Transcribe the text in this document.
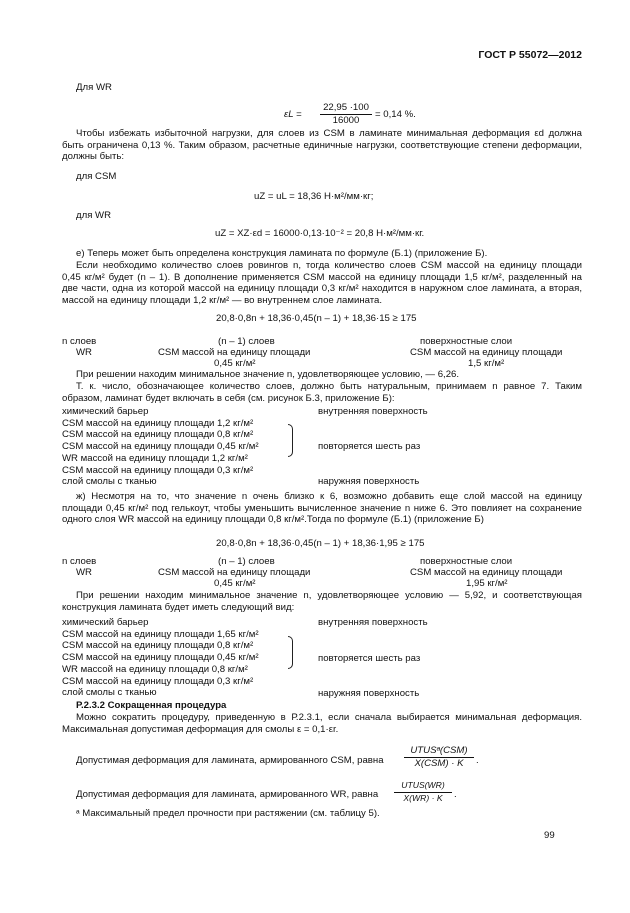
ГОСТ Р 55072—2012
Для WR
$\varepsilon L = \frac{22,95 \cdot 100}{16000} = 0,14$ %.
Чтобы избежать избыточной нагрузки, для слоев из CSM в ламинате минимальная деформация εd должна
быть ограничена 0,13 %. Таким образом, расчетные единичные нагрузки, соответствующие степени деформации,
должны быть:
для CSM
uZ = uL = 18,36 Н·м²/мм·кг;
для WR
uZ = XZ·εd = 16000·0,13·10⁻² = 20,8 Н·м²/мм·кг.
е) Теперь может быть определена конструкция ламината по формуле (Б.1) (приложение Б).
Если необходимо количество слоев ровингов n, тогда количество слоев CSM массой на единицу площади
0,45 кг/м² будет (n – 1). В дополнение применяется CSM массой на единицу площади 1,5 кг/м², разделенный на
две части, одна из которой массой на единицу площади 0,3 кг/м² находится в наружном слое ламината, а вторая,
массой на единицу площади 1,2 кг/м² — во внутреннем слое ламината.
20,8·0,8n + 18,36·0,45(n – 1) + 18,36·15 ≥ 175
n слоев
WR
(n – 1) слоев
CSM массой на единицу площади
0,45 кг/м²
поверхностные слои
CSM массой на единицу площади
1,5 кг/м²
При решении находим минимальное значение n, удовлетворяющее условию, — 6,26.
Т. к. число, обозначающее количество слоев, должно быть натуральным, принимаем n равное 7. Таким
образом, ламинат будет включать в себя (см. рисунок Б.3, приложение Б):
химический барьер
CSM массой на единицу площади 1,2 кг/м²
CSM массой на единицу площади 0,8 кг/м²
CSM массой на единицу площади 0,45 кг/м²
WR массой на единицу площади 1,2 кг/м²
CSM массой на единицу площади 0,3 кг/м²
слой смолы с тканью
внутренняя поверхность
повторяется шесть раз
наружняя поверхность
ж) Несмотря на то, что значение n очень близко к 6, возможно добавить еще слой массой на единицу
площади 0,45 кг/м² под гелькоут, чтобы уменьшить вычисленное значение n ниже 6. Это повлияет на сохранение
одного слоя WR массой на единицу площади 0,8 кг/м².Тогда по формуле (Б.1) (приложение Б)
20,8·0,8n + 18,36·0,45(n – 1) + 18,36·1,95 ≥ 175
n слоев
WR
(n – 1) слоев
CSM массой на единицу площади
0,45 кг/м²
поверхностные слои
CSM массой на единицу площади
1,95 кг/м²
При решении находим минимальное значение n, удовлетворяющее условию — 5,92, и соответствующая
конструкция ламината будет иметь следующий вид:
химический барьер
CSM массой на единицу площади 1,65 кг/м²
CSM массой на единицу площади 0,8 кг/м²
CSM массой на единицу площади 0,45 кг/м²
WR массой на единицу площади 0,8 кг/м²
CSM массой на единицу площади 0,3 кг/м²
слой смолы с тканью
внутренняя поверхность
повторяется шесть раз
наружняя поверхность
Р.2.3.2 Сокращенная процедура
Можно сократить процедуру, приведенную в Р.2.3.1, если сначала выбирается минимальная деформация.
Максимальная допустимая деформация для смолы ε = 0,1·εr.
Допустимая деформация для ламината, армированного CSM, равна
UTUSᵃ(CSM)
X(CSM) · K	.
Допустимая деформация для ламината, армированного WR, равна
UTUS(WR)
X(WR) · K	.
ᵃ Максимальный предел прочности при растяжении (см. таблицу 5).
99
